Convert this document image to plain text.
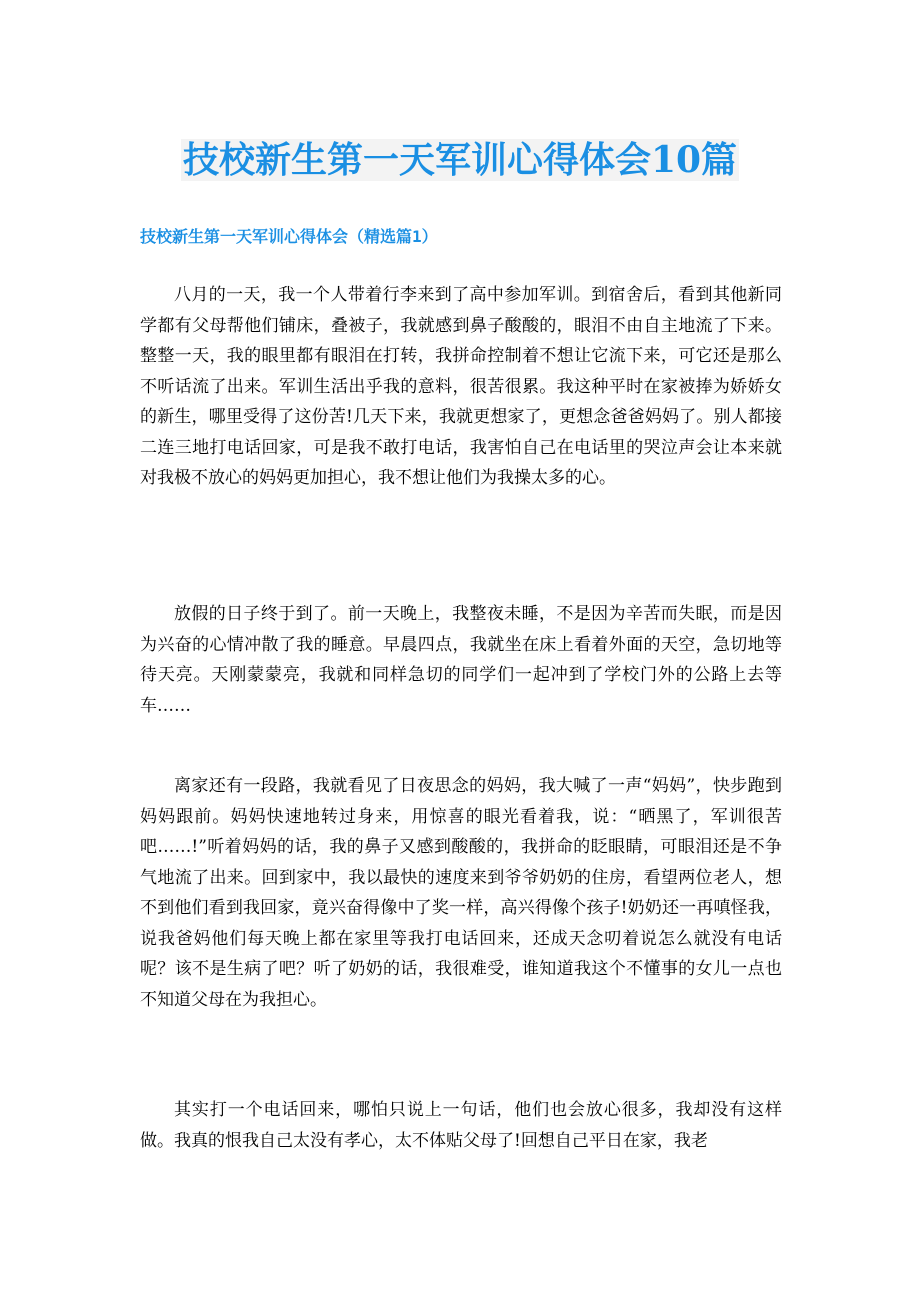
技校新生第一天军训心得体会10篇
技校新生第一天军训心得体会（精选篇1）

八月的一天，我一个人带着行李来到了高中参加军训。到宿舍后，看到其他新同学都有父母帮他们铺床，叠被子，我就感到鼻子酸酸的，眼泪不由自主地流了下来。整整一天，我的眼里都有眼泪在打转，我拼命控制着不想让它流下来，可它还是那么不听话流了出来。军训生活出乎我的意料，很苦很累。我这种平时在家被捧为娇娇女的新生，哪里受得了这份苦!几天下来，我就更想家了，更想念爸爸妈妈了。别人都接二连三地打电话回家，可是我不敢打电话，我害怕自己在电话里的哭泣声会让本来就对我极不放心的妈妈更加担心，我不想让他们为我操太多的心。

放假的日子终于到了。前一天晚上，我整夜未睡，不是因为辛苦而失眠，而是因为兴奋的心情冲散了我的睡意。早晨四点，我就坐在床上看着外面的天空，急切地等待天亮。天刚蒙蒙亮，我就和同样急切的同学们一起冲到了学校门外的公路上去等车……

离家还有一段路，我就看见了日夜思念的妈妈，我大喊了一声“妈妈”，快步跑到妈妈跟前。妈妈快速地转过身来，用惊喜的眼光看着我，说：“晒黑了，军训很苦吧……!”听着妈妈的话，我的鼻子又感到酸酸的，我拼命的眨眼睛，可眼泪还是不争气地流了出来。回到家中，我以最快的速度来到爷爷奶奶的住房，看望两位老人，想不到他们看到我回家，竟兴奋得像中了奖一样，高兴得像个孩子!奶奶还一再嗔怪我，说我爸妈他们每天晚上都在家里等我打电话回来，还成天念叨着说怎么就没有电话呢？该不是生病了吧？听了奶奶的话，我很难受，谁知道我这个不懂事的女儿一点也不知道父母在为我担心。

其实打一个电话回来，哪怕只说上一句话，他们也会放心很多，我却没有这样做。我真的恨我自己太没有孝心，太不体贴父母了!回想自己平日在家，我老
